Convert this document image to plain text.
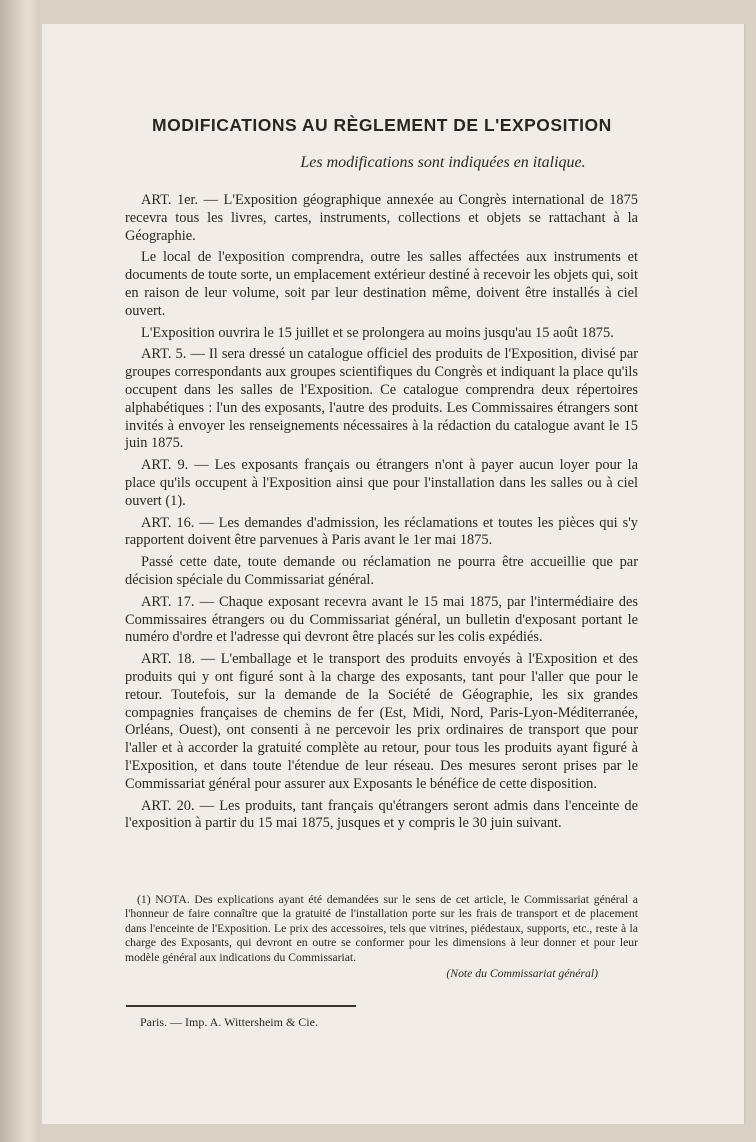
MODIFICATIONS AU RÈGLEMENT DE L'EXPOSITION
Les modifications sont indiquées en italique.

ART. 1er. — L'Exposition géographique annexée au Congrès international de 1875 recevra tous les livres, cartes, instruments, collections et objets se rattachant à la Géographie.

Le local de l'exposition comprendra, outre les salles affectées aux instruments et documents de toute sorte, un emplacement extérieur destiné à recevoir les objets qui, soit en raison de leur volume, soit par leur destination même, doivent être installés à ciel ouvert.

L'Exposition ouvrira le 15 juillet et se prolongera au moins jusqu'au 15 août 1875.

ART. 5. — Il sera dressé un catalogue officiel des produits de l'Exposition, divisé par groupes correspondants aux groupes scientifiques du Congrès et indiquant la place qu'ils occupent dans les salles de l'Exposition. Ce catalogue comprendra deux répertoires alphabétiques : l'un des exposants, l'autre des produits. Les Commissaires étrangers sont invités à envoyer les renseignements nécessaires à la rédaction du catalogue avant le 15 juin 1875.

ART. 9. — Les exposants français ou étrangers n'ont à payer aucun loyer pour la place qu'ils occupent à l'Exposition ainsi que pour l'installation dans les salles ou à ciel ouvert (1).

ART. 16. — Les demandes d'admission, les réclamations et toutes les pièces qui s'y rapportent doivent être parvenues à Paris avant le 1er mai 1875.

Passé cette date, toute demande ou réclamation ne pourra être accueillie que par décision spéciale du Commissariat général.

ART. 17. — Chaque exposant recevra avant le 15 mai 1875, par l'intermédiaire des Commissaires étrangers ou du Commissariat général, un bulletin d'exposant portant le numéro d'ordre et l'adresse qui devront être placés sur les colis expédiés.

ART. 18. — L'emballage et le transport des produits envoyés à l'Exposition et des produits qui y ont figuré sont à la charge des exposants, tant pour l'aller que pour le retour. Toutefois, sur la demande de la Société de Géographie, les six grandes compagnies françaises de chemins de fer (Est, Midi, Nord, Paris-Lyon-Méditerranée, Orléans, Ouest), ont consenti à ne percevoir les prix ordinaires de transport que pour l'aller et à accorder la gratuité complète au retour, pour tous les produits ayant figuré à l'Exposition, et dans toute l'étendue de leur réseau. Des mesures seront prises par le Commissariat général pour assurer aux Exposants le bénéfice de cette disposition.

ART. 20. — Les produits, tant français qu'étrangers seront admis dans l'enceinte de l'exposition à partir du 15 mai 1875, jusques et y compris le 30 juin suivant.

(1) NOTA. Des explications ayant été demandées sur le sens de cet article, le Commissariat général a l'honneur de faire connaître que la gratuité de l'installation porte sur les frais de transport et de placement dans l'enceinte de l'Exposition. Le prix des accessoires, tels que vitrines, piédestaux, supports, etc., reste à la charge des Exposants, qui devront en outre se conformer pour les dimensions à leur donner et pour leur modèle général aux indications du Commissariat.

(Note du Commissariat général)
Paris. — Imp. A. Wittersheim & Cie.
